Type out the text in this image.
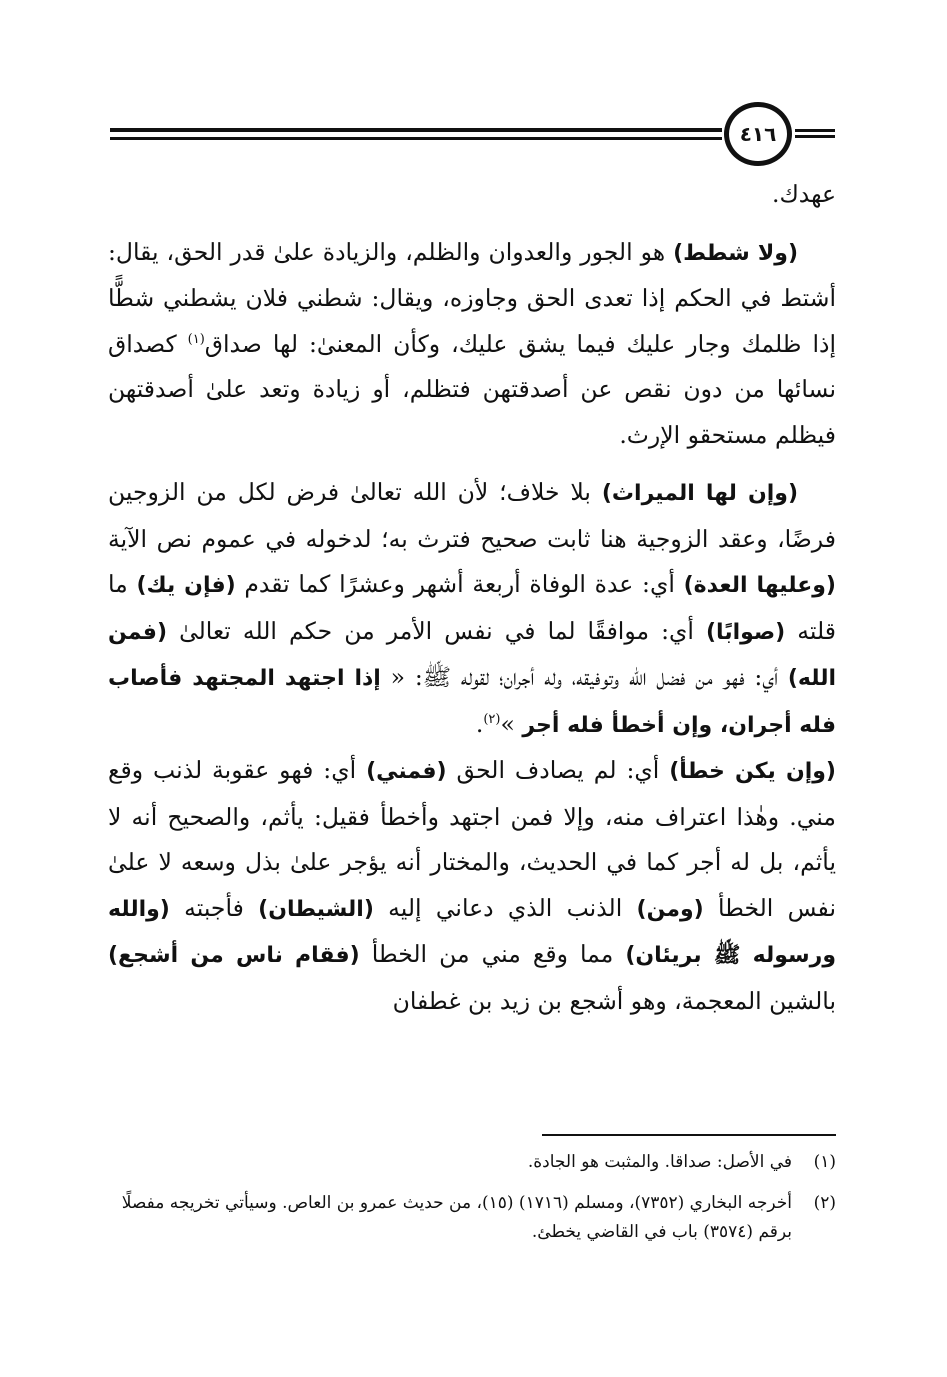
٤١٦

عهدك.

(ولا شطط) هو الجور والعدوان والظلم، والزيادة علىٰ قدر الحق، يقال: أشتط في الحكم إذا تعدى الحق وجاوزه، ويقال: شطني فلان يشطني شطًّا إذا ظلمك وجار عليك فيما يشق عليك، وكأن المعنىٰ: لها صداق$^{(١)}$ كصداق نسائها من دون نقص عن أصدقتهن فتظلم، أو زيادة وتعد علىٰ أصدقتهن فيظلم مستحقو الإرث.

(وإن لها الميراث) بلا خلاف؛ لأن الله تعالىٰ فرض لكل من الزوجين فرضًا، وعقد الزوجية هنا ثابت صحيح فترث به؛ لدخوله في عموم نص الآية (وعليها العدة) أي: عدة الوفاة أربعة أشهر وعشرًا كما تقدم (فإن يك) ما قلته (صوابًا) أي: موافقًا لما في نفس الأمر من حكم الله تعالىٰ (فمن الله) أي: فهو من فضل الله وتوفيقه، وله أجران؛ لقوله ﷺ: « إذا اجتهد المجتهد فأصاب فله أجران، وإن أخطأ فله أجر »$^{(٢)}$.

(وإن يكن خطأ) أي: لم يصادف الحق (فمني) أي: فهو عقوبة لذنب وقع مني. وهٰذا اعتراف منه، وإلا فمن اجتهد وأخطأ فقيل: يأثم، والصحيح أنه لا يأثم، بل له أجر كما في الحديث، والمختار أنه يؤجر علىٰ بذل وسعه لا علىٰ نفس الخطأ (ومن) الذنب الذي دعاني إليه (الشيطان) فأجبته (والله ورسوله ﷺ بريئان) مما وقع مني من الخطأ (فقام ناس من أشجع) بالشين المعجمة، وهو أشجع بن زيد بن غطفان

(١)
في الأصل: صداقا. والمثبت هو الجادة.
(٢)
أخرجه البخاري (٧٣٥٢)، ومسلم (١٧١٦) (١٥)، من حديث عمرو بن العاص. وسيأتي تخريجه مفصلًا برقم (٣٥٧٤) باب في القاضي يخطئ.
